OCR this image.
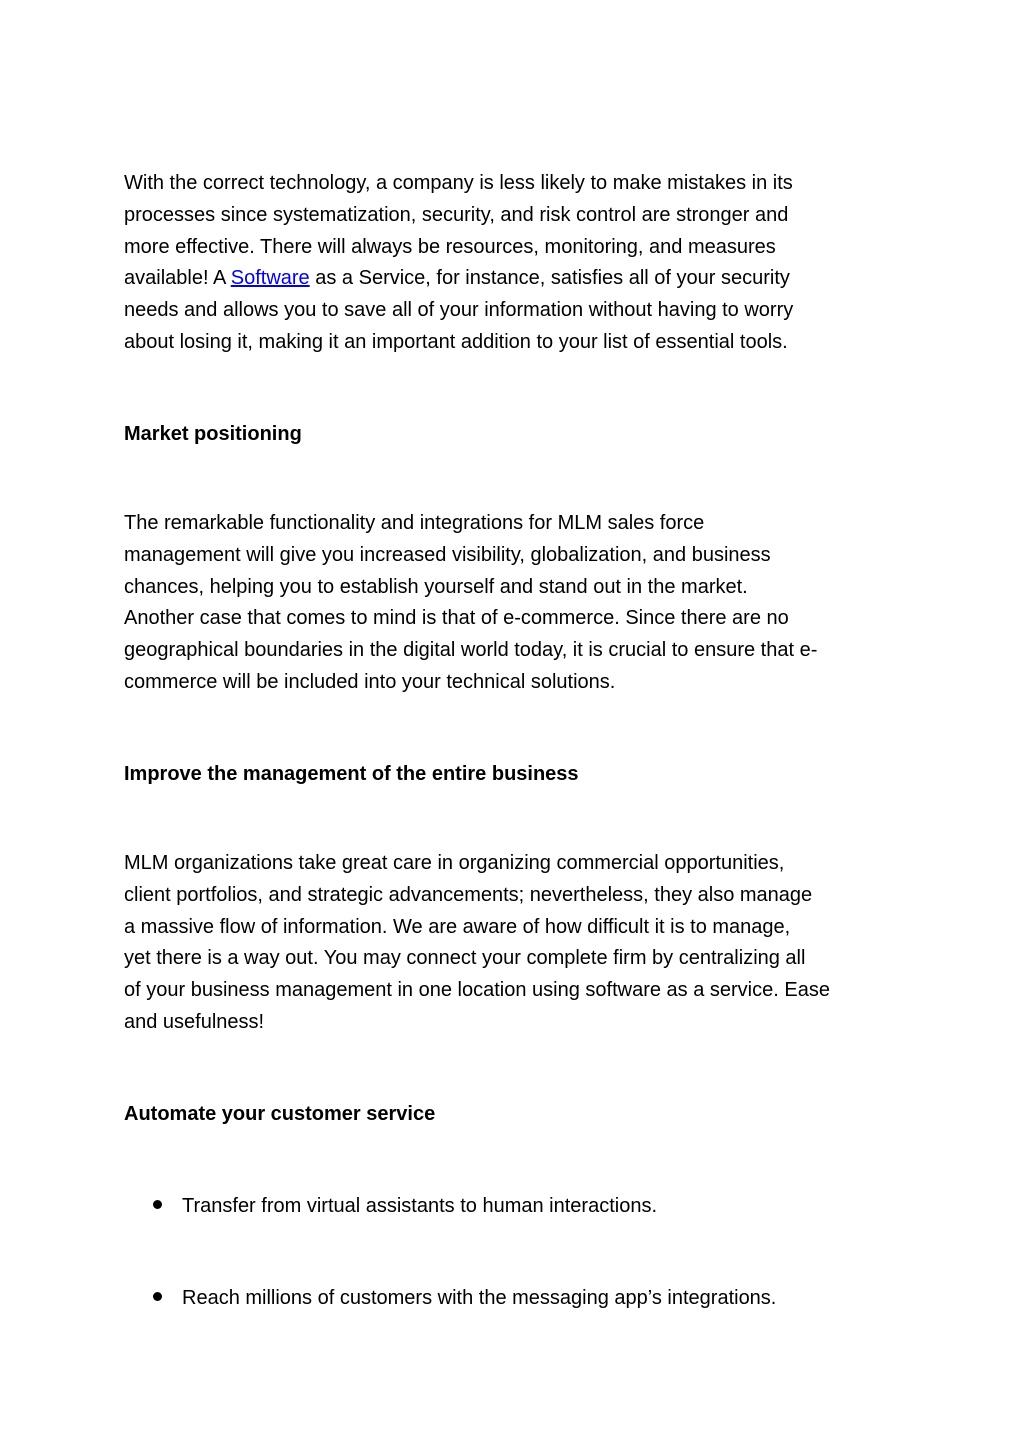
With the correct technology, a company is less likely to make mistakes in its
processes since systematization, security, and risk control are stronger and
more effective. There will always be resources, monitoring, and measures
available! A Software as a Service, for instance, satisfies all of your security
needs and allows you to save all of your information without having to worry
about losing it, making it an important addition to your list of essential tools.

Market positioning

The remarkable functionality and integrations for MLM sales force
management will give you increased visibility, globalization, and business
chances, helping you to establish yourself and stand out in the market.
Another case that comes to mind is that of e-commerce. Since there are no
geographical boundaries in the digital world today, it is crucial to ensure that e-
commerce will be included into your technical solutions.

Improve the management of the entire business

MLM organizations take great care in organizing commercial opportunities,
client portfolios, and strategic advancements; nevertheless, they also manage
a massive flow of information. We are aware of how difficult it is to manage,
yet there is a way out. You may connect your complete firm by centralizing all
of your business management in one location using software as a service. Ease
and usefulness!

Automate your customer service
Transfer from virtual assistants to human interactions.
Reach millions of customers with the messaging app’s integrations.
